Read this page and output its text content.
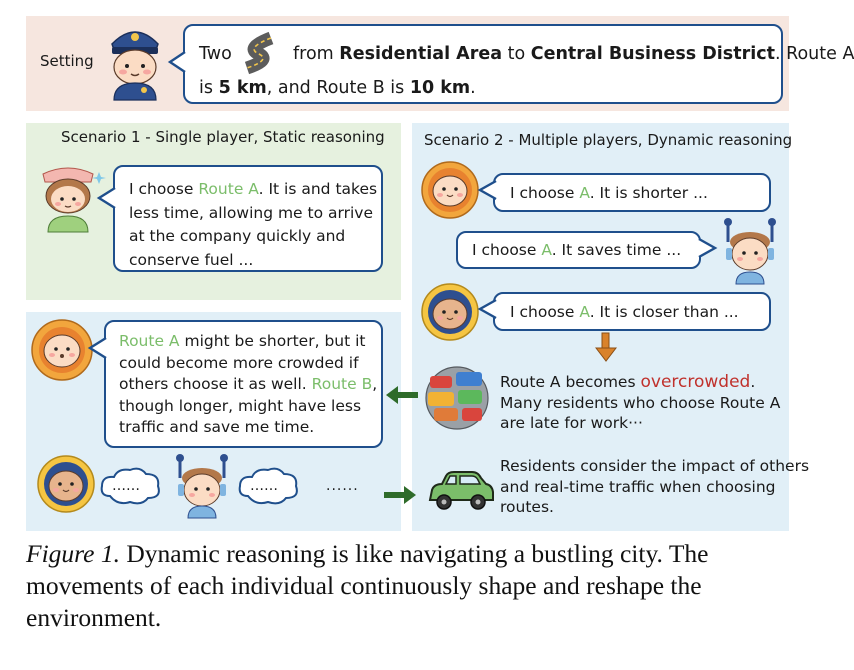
Setting	Two	from Residential Area to Central Business District. Route A
is 5 km, and Route B is 10 km.
Scenario 1 - Single player, Static reasoning
I choose Route A. It is and takes
less time, allowing me to arrive
at the company quickly and
conserve fuel ...
Scenario 2 - Multiple players, Dynamic reasoning
I choose A. It is shorter ...
I choose A. It saves time ...
I choose A. It is closer than ...
Route A becomes overcrowded.
Many residents who choose Route A
are late for work···
Residents consider the impact of others
and real-time traffic when choosing
routes.
Route A might be shorter, but it
could become more crowded if
others choose it as well. Route B,
though longer, might have less
traffic and save me time.
……	……	······
Figure 1. Dynamic reasoning is like navigating a bustling city. The movements of each individual continuously shape and reshape the environment.
